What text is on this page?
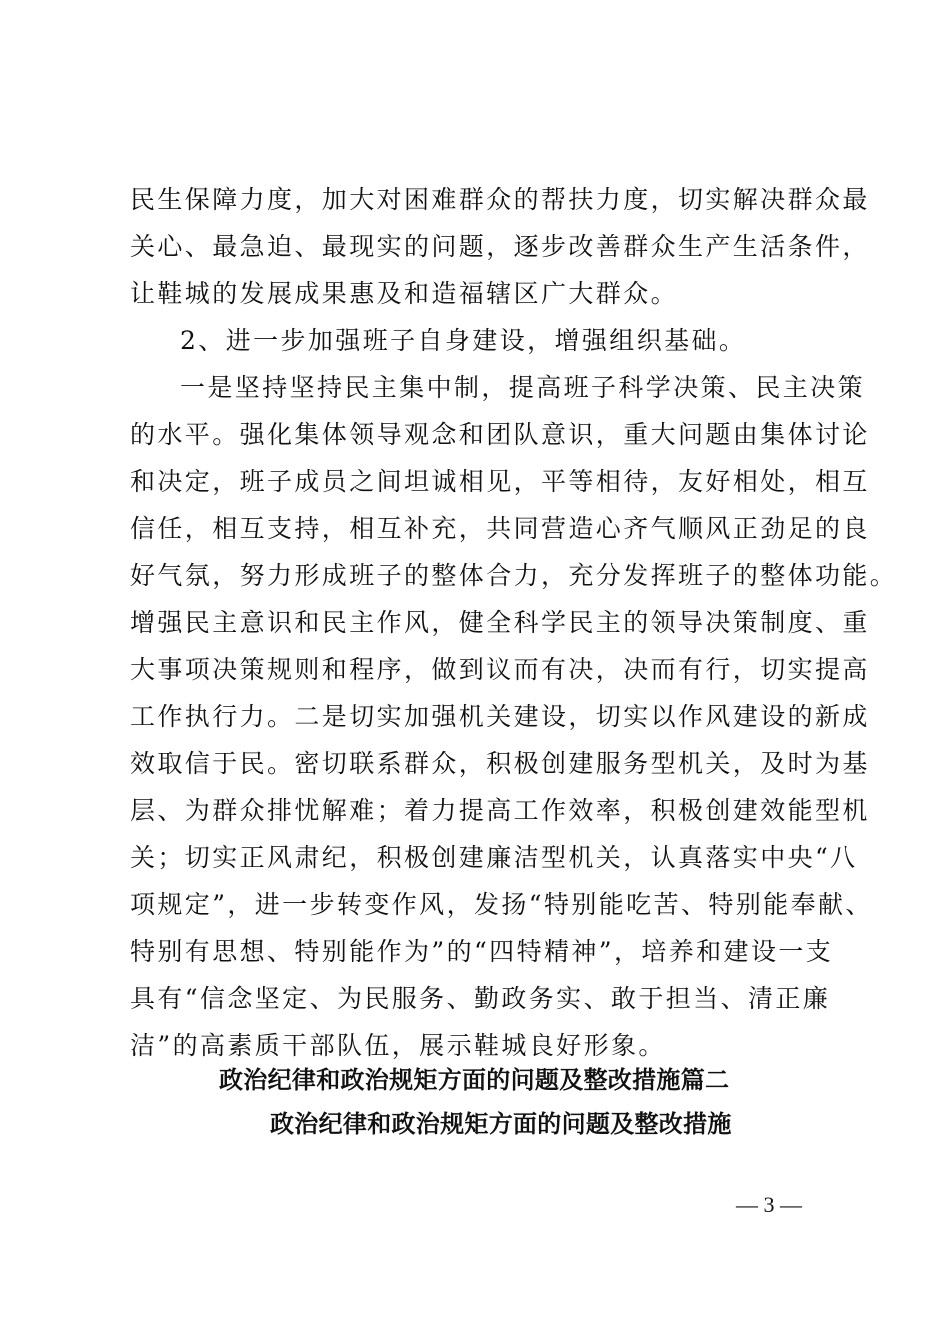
民生保障力度，加大对困难群众的帮扶力度，切实解决群众最
关心、最急迫、最现实的问题，逐步改善群众生产生活条件，
让鞋城的发展成果惠及和造福辖区广大群众。
2、进一步加强班子自身建设，增强组织基础。
一是坚持坚持民主集中制，提高班子科学决策、民主决策
的水平。强化集体领导观念和团队意识，重大问题由集体讨论
和决定，班子成员之间坦诚相见，平等相待，友好相处，相互
信任，相互支持，相互补充，共同营造心齐气顺风正劲足的良
好气氛，努力形成班子的整体合力，充分发挥班子的整体功能。
增强民主意识和民主作风，健全科学民主的领导决策制度、重
大事项决策规则和程序，做到议而有决，决而有行，切实提高
工作执行力。二是切实加强机关建设，切实以作风建设的新成
效取信于民。密切联系群众，积极创建服务型机关，及时为基
层、为群众排忧解难；着力提高工作效率，积极创建效能型机
关；切实正风肃纪，积极创建廉洁型机关，认真落实中央“八
项规定”，进一步转变作风，发扬“特别能吃苦、特别能奉献、
特别有思想、特别能作为”的“四特精神”，培养和建设一支
具有“信念坚定、为民服务、勤政务实、敢于担当、清正廉
洁”的高素质干部队伍，展示鞋城良好形象。
政治纪律和政治规矩方面的问题及整改措施篇二
政治纪律和政治规矩方面的问题及整改措施
— 3 —
